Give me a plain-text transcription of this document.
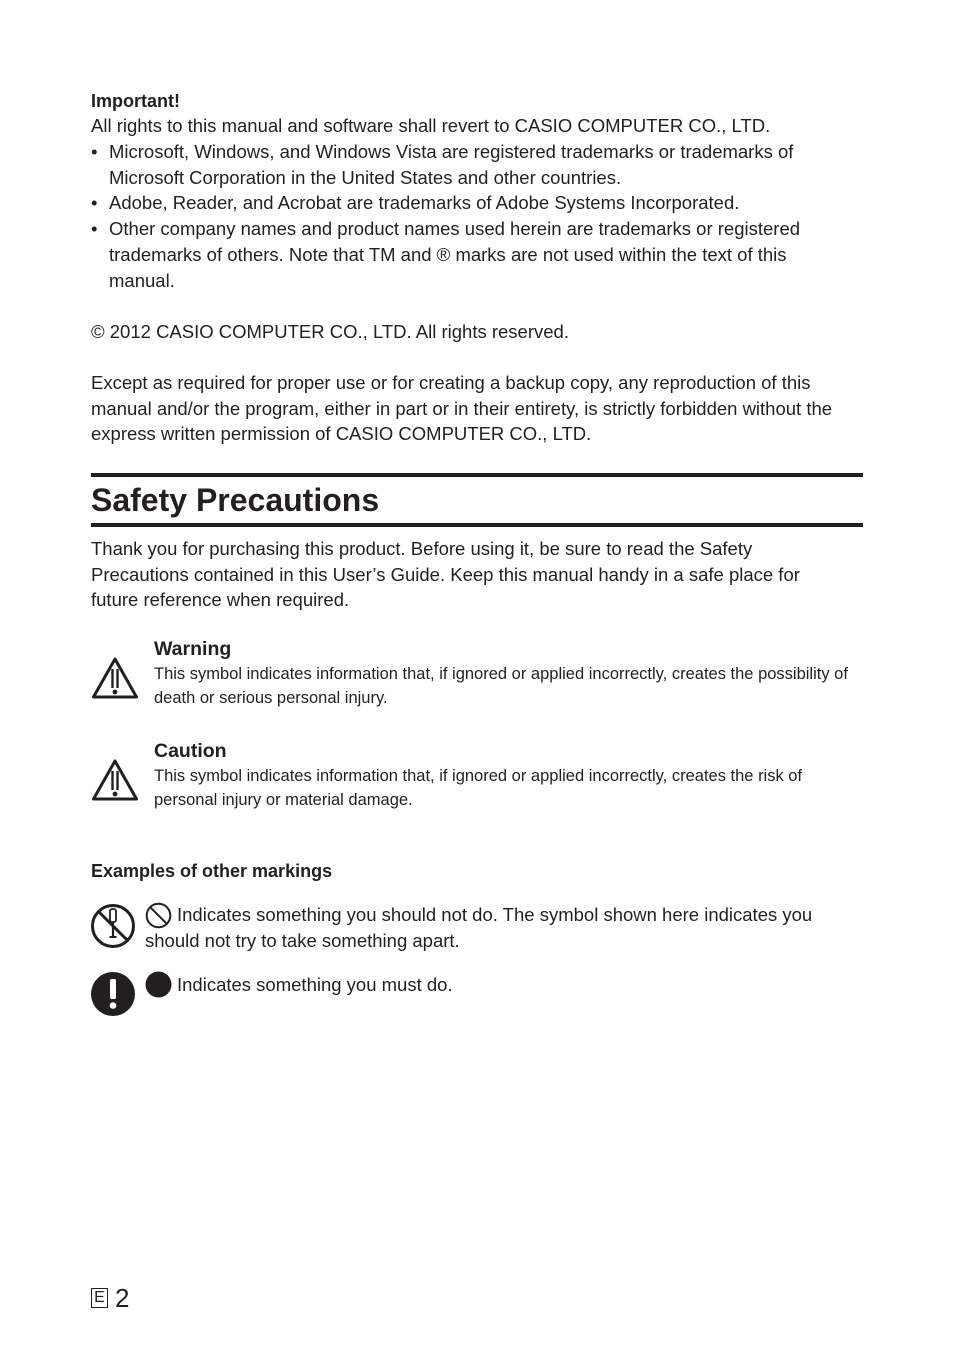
Important!
All rights to this manual and software shall revert to CASIO COMPUTER CO., LTD.
• Microsoft, Windows, and Windows Vista are registered trademarks or trademarks of Microsoft Corporation in the United States and other countries.
• Adobe, Reader, and Acrobat are trademarks of Adobe Systems Incorporated.
• Other company names and product names used herein are trademarks or registered trademarks of others. Note that TM and ® marks are not used within the text of this manual.
© 2012 CASIO COMPUTER CO., LTD. All rights reserved.
Except as required for proper use or for creating a backup copy, any reproduction of this manual and/or the program, either in part or in their entirety, is strictly forbidden without the express written permission of CASIO COMPUTER CO., LTD.
Safety Precautions
Thank you for purchasing this product. Before using it, be sure to read the Safety Precautions contained in this User’s Guide. Keep this manual handy in a safe place for future reference when required.
Warning
This symbol indicates information that, if ignored or applied incorrectly, creates the possibility of death or serious personal injury.
Caution
This symbol indicates information that, if ignored or applied incorrectly, creates the risk of personal injury or material damage.
Examples of other markings
Indicates something you should not do. The symbol shown here indicates you should not try to take something apart.
Indicates something you must do.
E 2
